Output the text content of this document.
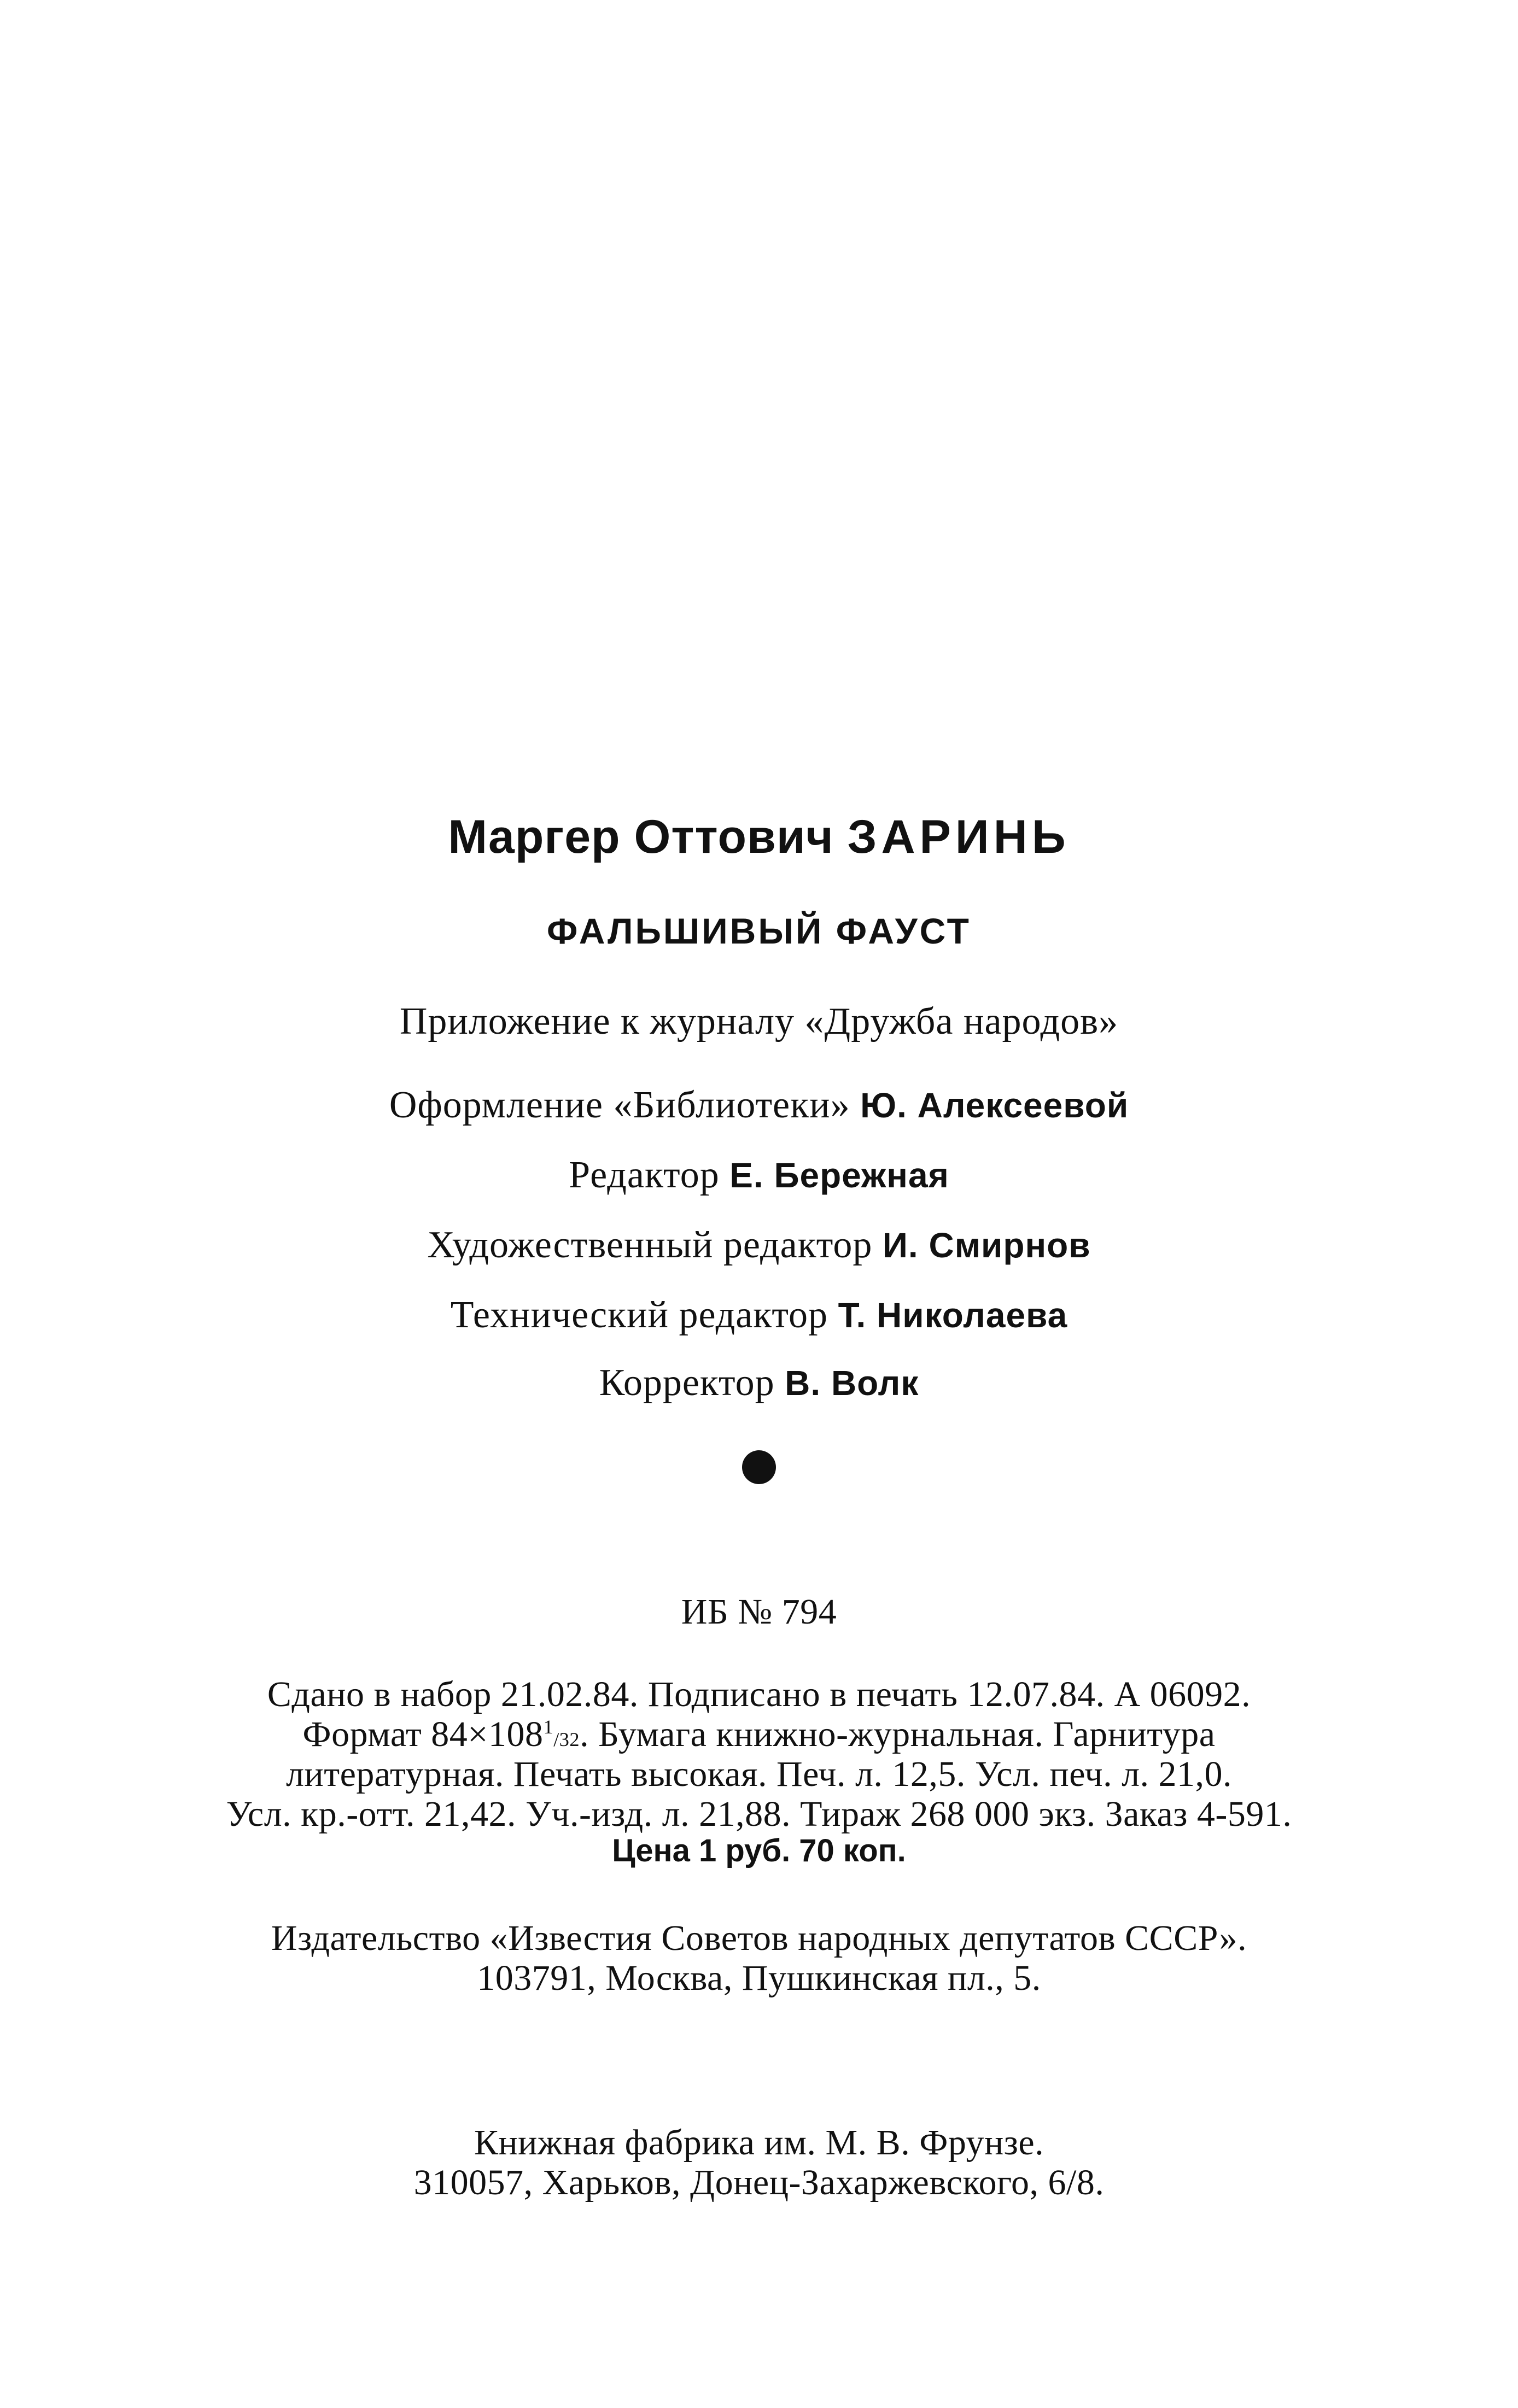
Маргер Оттович ЗАРИНЬ
ФАЛЬШИВЫЙ ФАУСТ
Приложение к журналу «Дружба народов»
Оформление «Библиотеки» Ю. Алексеевой
Редактор Е. Бережная
Художественный редактор И. Смирнов
Технический редактор Т. Николаева
Корректор В. Волк
ИБ № 794
Сдано в набор 21.02.84. Подписано в печать 12.07.84. А 06092.
Формат $84\times 108^1/32$. Бумага книжно-журнальная. Гарнитура
литературная. Печать высокая. Печ. л. 12,5. Усл. печ. л. 21,0.
Усл. кр.-отт. 21,42. Уч.-изд. л. 21,88. Тираж 268 000 экз. Заказ 4-591.
Цена 1 руб. 70 коп.
Издательство «Известия Советов народных депутатов СССР».
103791, Москва, Пушкинская пл., 5.
Книжная фабрика им. М. В. Фрунзе.
310057, Харьков, Донец-Захаржевского, 6/8.
